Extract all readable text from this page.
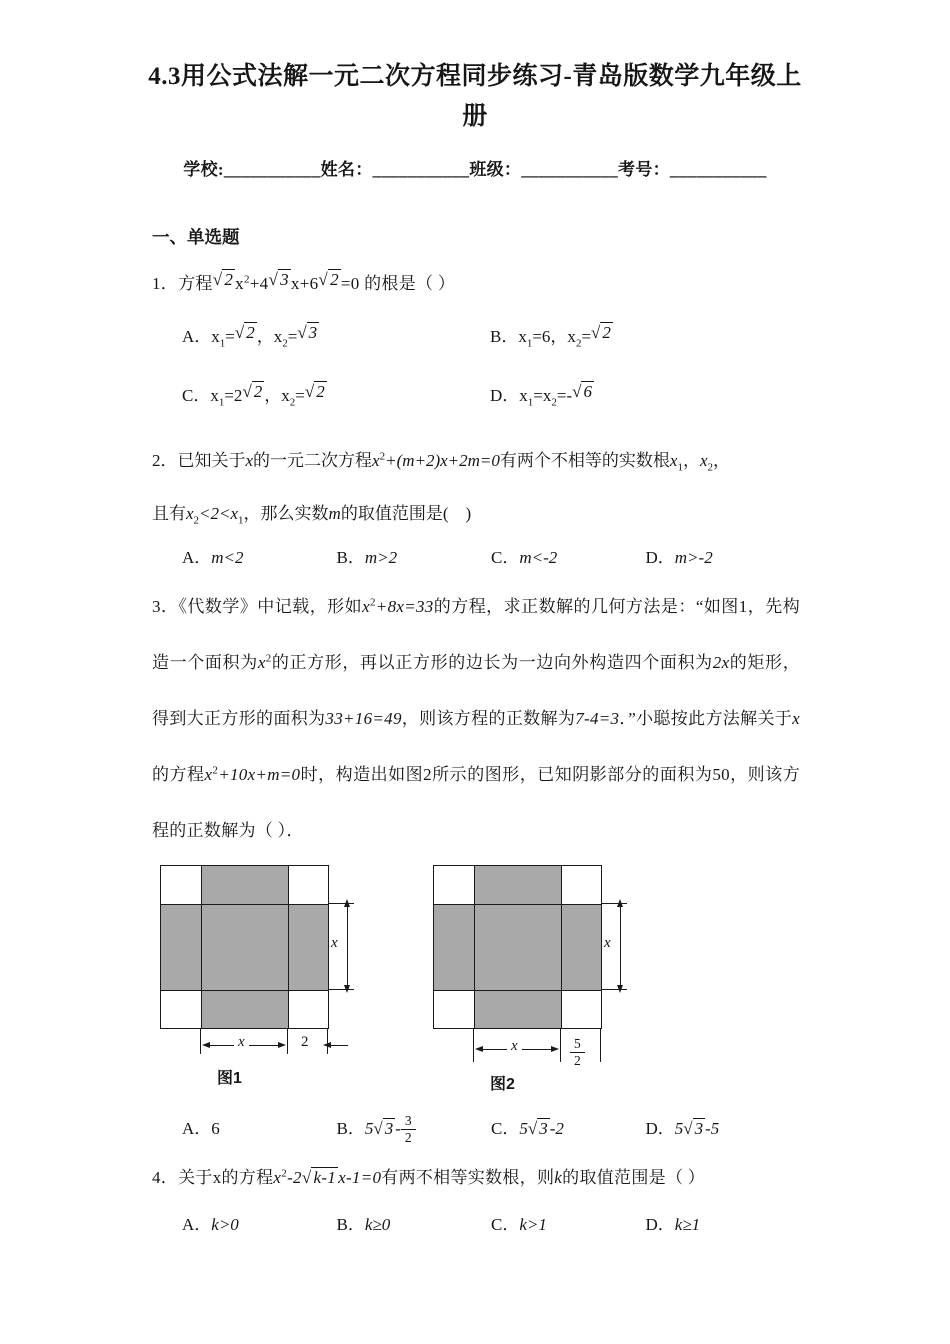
4.3用公式法解一元二次方程同步练习-青岛版数学九年级上
册
学校:___________姓名：___________班级：___________考号：___________
一、单选题
1．方程√ 2 $x^2+4√$ 3 x+6√ 2 =0 的根是（ ）
A．$x_1=√$ 2 ，$x_2=√$ 3	B．$x_1=6$，$x_2=√$ 2
C．$x_1=2√$ 2 ，$x_2=√$ 2	D．$x_1=x_2=-√$ 6
2．已知关于x的一元二次方程$x^2+(m+2)x+2m=0$有两个不相等的实数根$x_1$，$x_2$，
且有$x_2<2<x_1$，那么实数m的取值范围是(　)
A．m<2	B．m>2	C．m<-2	D．m>-2
3．《代数学》中记载，形如$x^2+8x=33$的方程，求正数解的几何方法是：“如图1，先构造一个面积为$x^2$的正方形，再以正方形的边长为一边向外构造四个面积为2x的矩形，得到大正方形的面积为33+16=49，则该方程的正数解为7-4=3．”小聪按此方法解关于x的方程$x^2+10x+m=0$时，构造出如图2所示的图形，已知阴影部分的面积为50，则该方程的正数解为（ ）．
x
x	2
图1
x
x	$\frac{5}{2}$
图2
A．6	B．5√ $3 - \frac{3}{2}$	C．5√ 3 -2	D．5√ 3 -5
4．关于x的方程$x^2-2√$ k-1 x-1=0有两不相等实数根，则k的取值范围是（ ）
A．k>0	B．k≥0	C．k>1	D．k≥1
